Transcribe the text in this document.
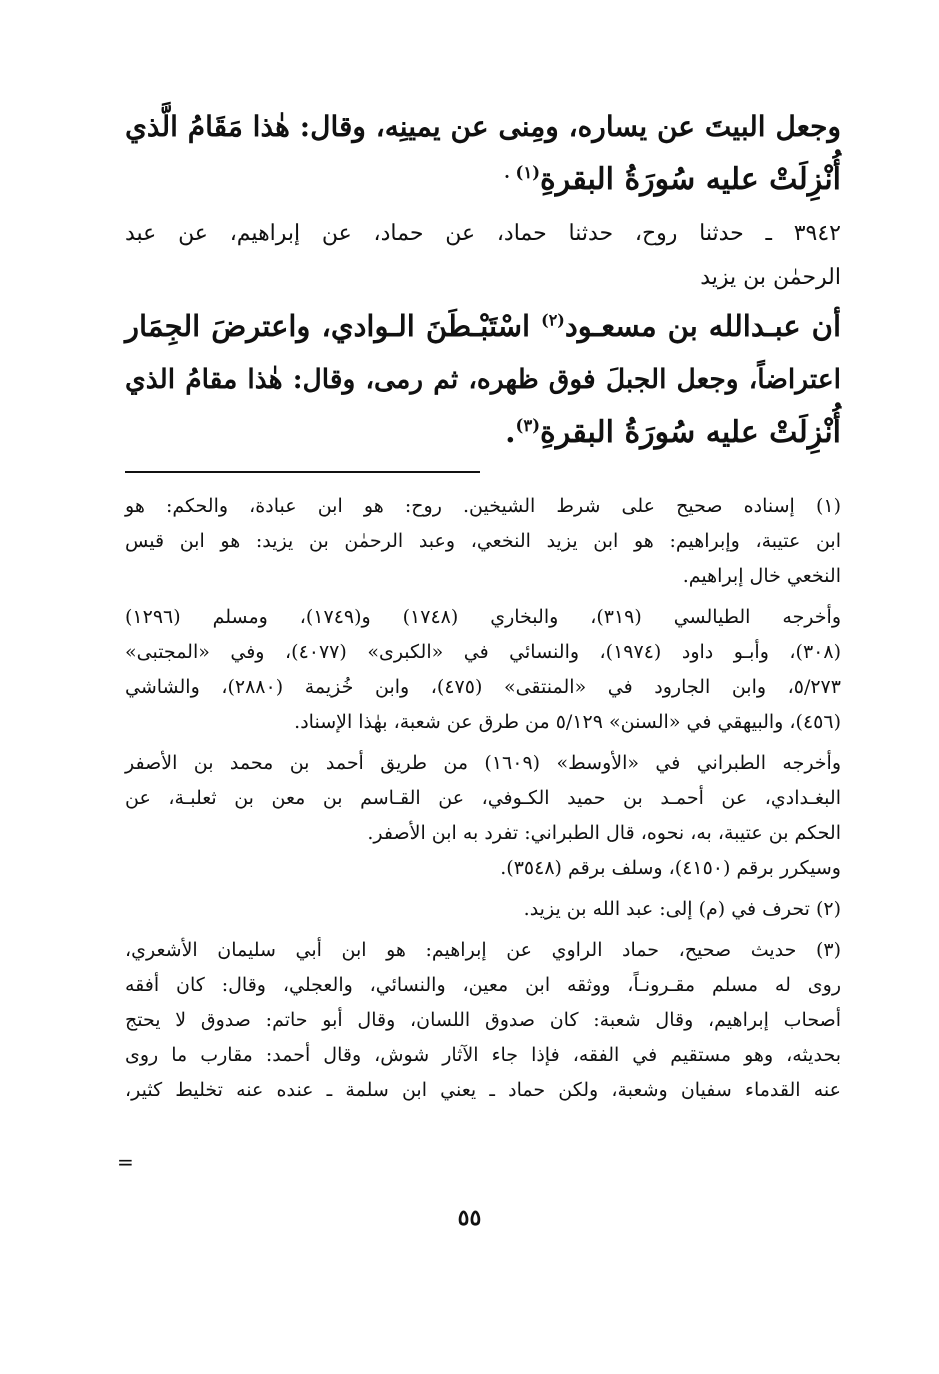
وجعل البيتَ عن يساره، ومِنى عن يمينِه، وقال: هٰذا مَقَامُ الَّذي
أُنْزِلَتْ عليه سُورَةُ البقرةِ$^{(١) .}$
٣٩٤٢ ـ حدثنا روح، حدثنا حماد، عن حماد، عن إبراهيم، عن عبد
الرحمٰن بن يزيد
أن عبـدالله بن مسعـود$^{(٢)}$ اسْتَبْـطَنَ الـوادي، واعترضَ الجِمَار
اعتراضاً، وجعل الجبلَ فوق ظهره، ثم رمى، وقال: هٰذا مقامُ الذي
أُنْزِلَتْ عليه سُورَةُ البقرةِ$^{(٣)}$.
(١) إسناده صحيح على شرط الشيخين. روح: هو ابن عبادة، والحكم: هو
ابن عتيبة، وإبراهيم: هو ابن يزيد النخعي، وعبد الرحمٰن بن يزيد: هو ابن قيس
النخعي خال إبراهيم.
وأخرجه الطيالسي (٣١٩)، والبخاري (١٧٤٨) و(١٧٤٩)، ومسلم (١٢٩٦)
(٣٠٨)، وأبـو داود (١٩٧٤)، والنسائي في «الكبرى» (٤٠٧٧)، وفي «المجتبى»
٥/٢٧٣، وابن الجارود في «المنتقى» (٤٧٥)، وابن خُزيمة (٢٨٨٠)، والشاشي
(٤٥٦)، والبيهقي في «السنن» ٥/١٢٩ من طرق عن شعبة، بهٰذا الإسناد.
وأخرجه الطبراني في «الأوسط» (١٦٠٩) من طريق أحمد بن محمد بن الأصفر
البغـدادي، عن أحمـد بن حميد الكـوفي، عن القـاسم بن معن بن ثعلبـة، عن
الحكم بن عتيبة، به، نحوه، قال الطبراني: تفرد به ابن الأصفر.
وسيكرر برقم (٤١٥٠)، وسلف برقم (٣٥٤٨).
(٢) تحرف في (م) إلى: عبد الله بن يزيد.
(٣) حديث صحيح، حماد الراوي عن إبراهيم: هو ابن أبي سليمان الأشعري،
روى له مسلم مقـرونـاً، ووثقه ابن معين، والنسائي، والعجلي، وقال: كان أفقه
أصحاب إبراهيم، وقال شعبة: كان صدوق اللسان، وقال أبو حاتم: صدوق لا يحتج
بحديثه، وهو مستقيم في الفقه، فإذا جاء الآثار شوش، وقال أحمد: مقارب ما روى
عنه القدماء سفيان وشعبة، ولكن حماد ـ يعني ابن سلمة ـ عنده عنه تخليط كثير،
=
٥٥
